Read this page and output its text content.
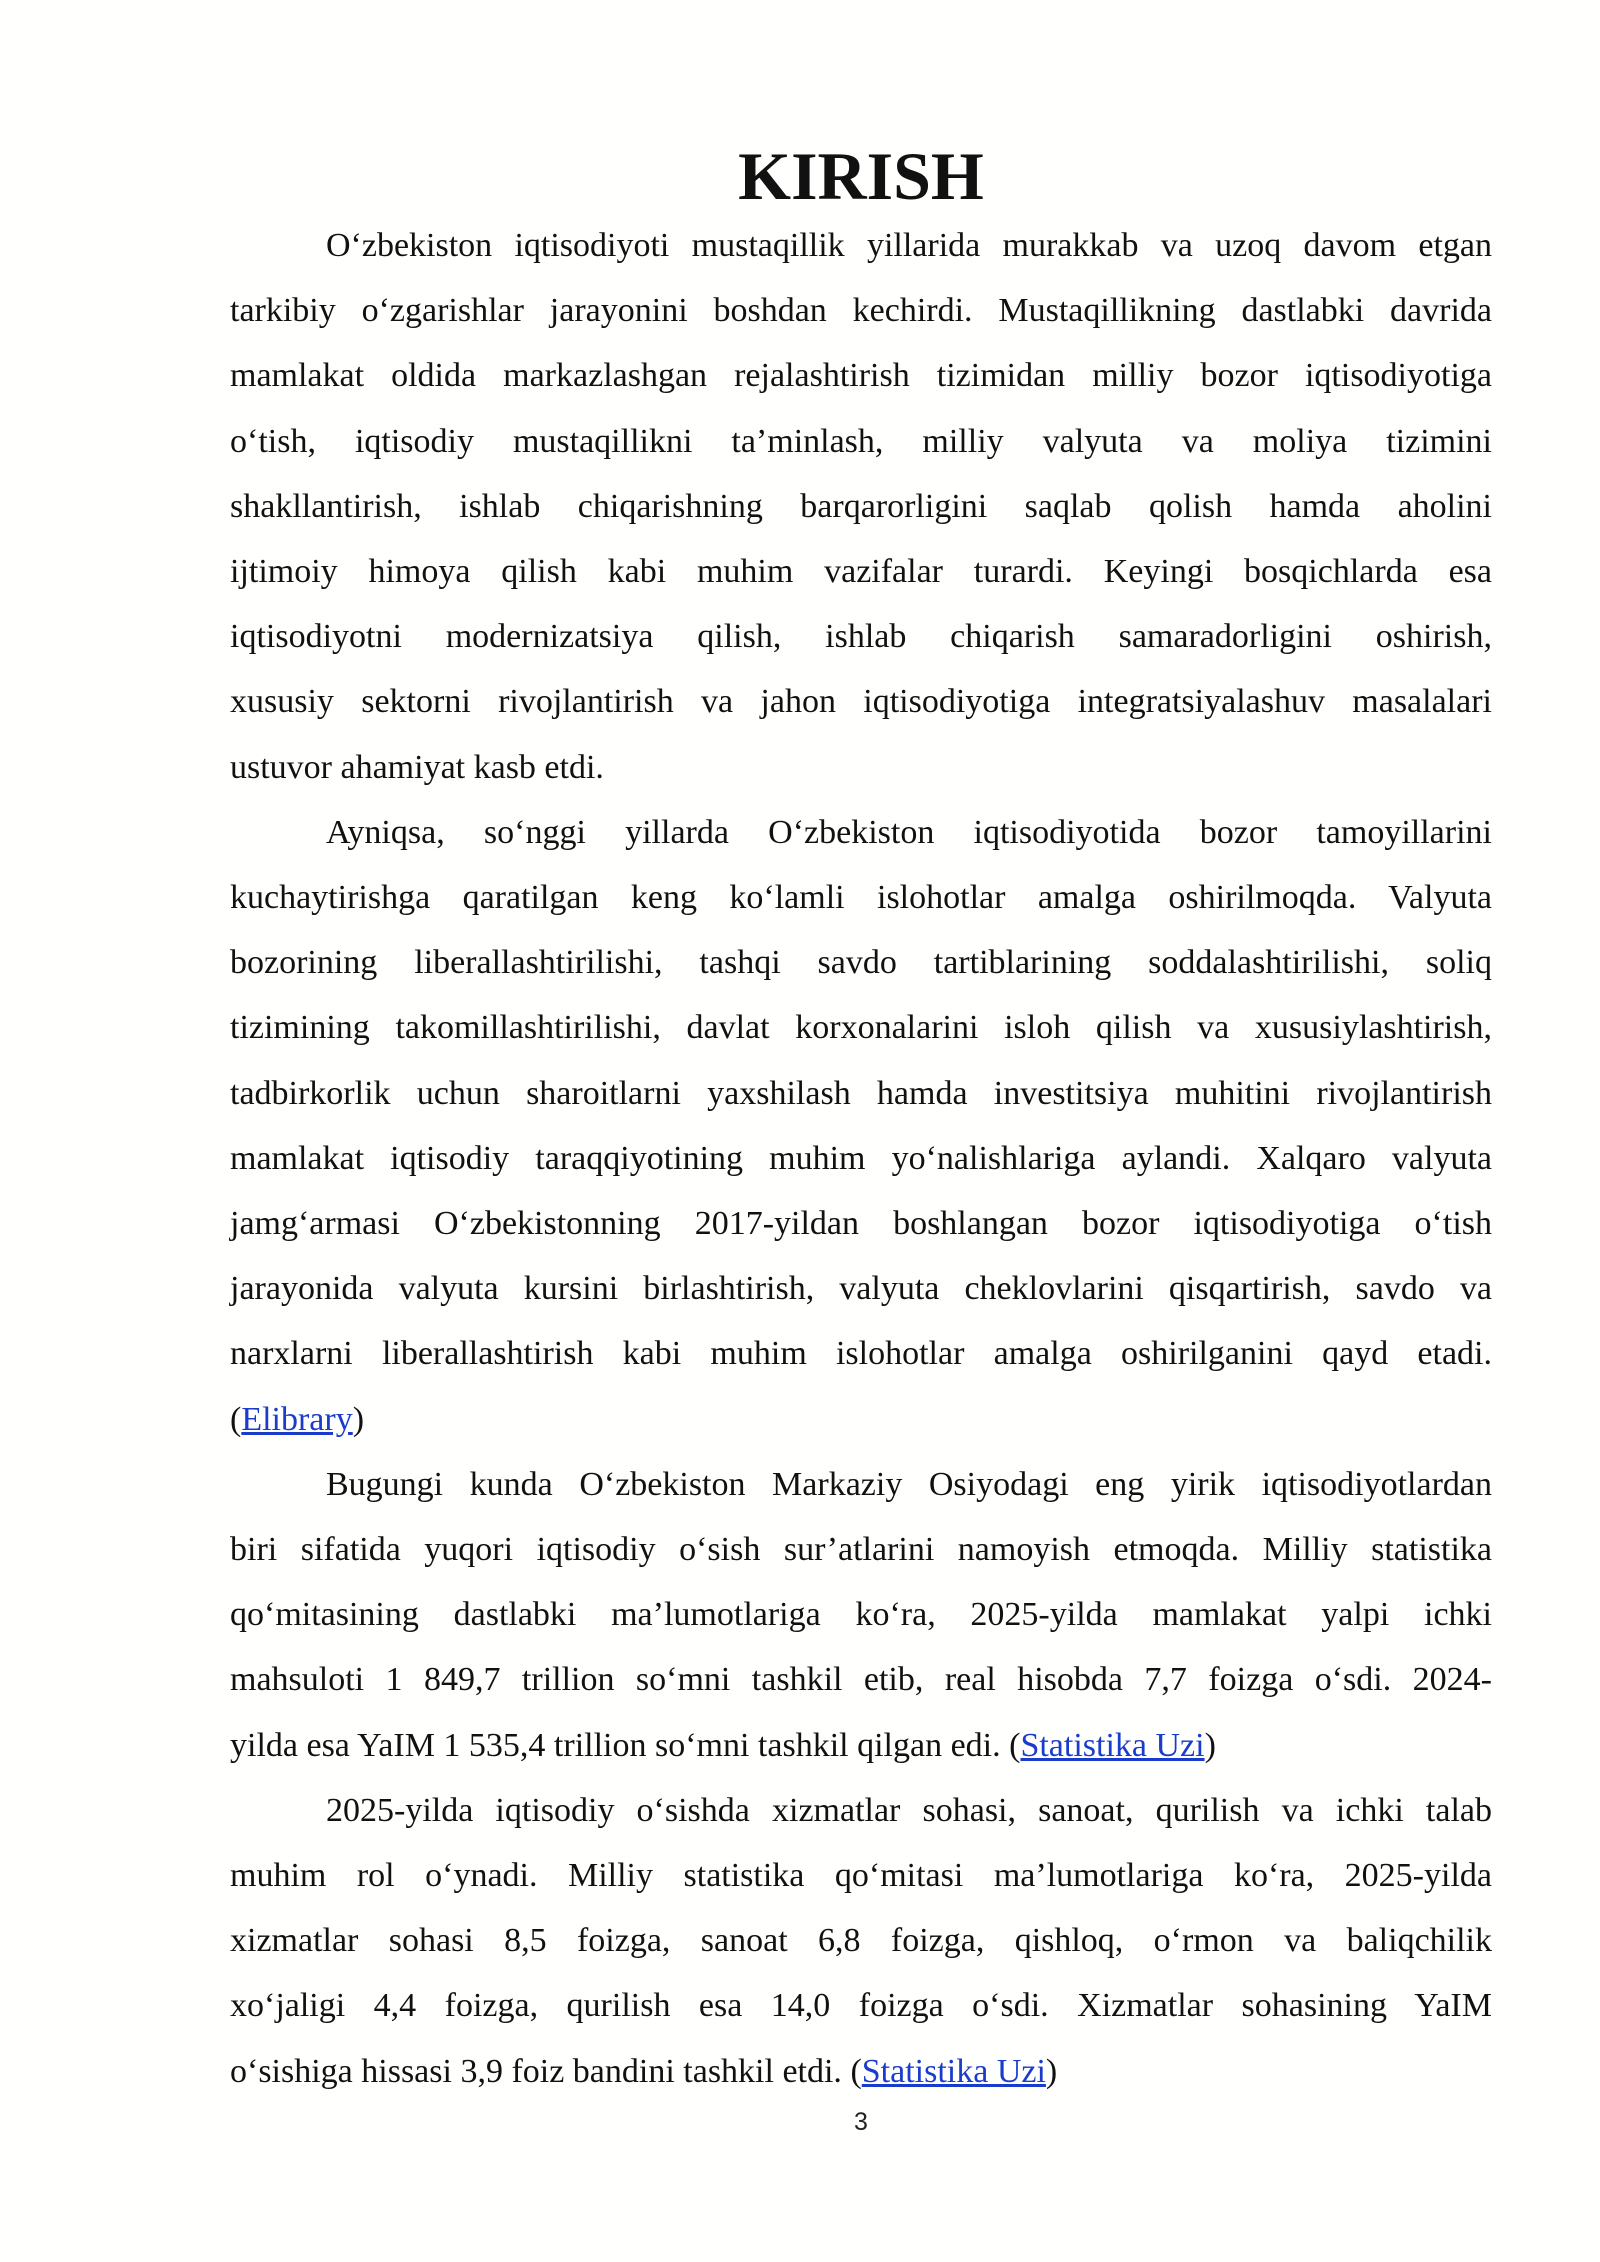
KIRISH

O‘zbekiston iqtisodiyoti mustaqillik yillarida murakkab va uzoq davom etgan
tarkibiy o‘zgarishlar jarayonini boshdan kechirdi. Mustaqillikning dastlabki davrida
mamlakat oldida markazlashgan rejalashtirish tizimidan milliy bozor iqtisodiyotiga
o‘tish, iqtisodiy mustaqillikni ta’minlash, milliy valyuta va moliya tizimini
shakllantirish, ishlab chiqarishning barqarorligini saqlab qolish hamda aholini
ijtimoiy himoya qilish kabi muhim vazifalar turardi. Keyingi bosqichlarda esa
iqtisodiyotni modernizatsiya qilish, ishlab chiqarish samaradorligini oshirish,
xususiy sektorni rivojlantirish va jahon iqtisodiyotiga integratsiyalashuv masalalari
ustuvor ahamiyat kasb etdi.

Ayniqsa, so‘nggi yillarda O‘zbekiston iqtisodiyotida bozor tamoyillarini
kuchaytirishga qaratilgan keng ko‘lamli islohotlar amalga oshirilmoqda. Valyuta
bozorining liberallashtirilishi, tashqi savdo tartiblarining soddalashtirilishi, soliq
tizimining takomillashtirilishi, davlat korxonalarini isloh qilish va xususiylashtirish,
tadbirkorlik uchun sharoitlarni yaxshilash hamda investitsiya muhitini rivojlantirish
mamlakat iqtisodiy taraqqiyotining muhim yo‘nalishlariga aylandi. Xalqaro valyuta
jamg‘armasi O‘zbekistonning 2017-yildan boshlangan bozor iqtisodiyotiga o‘tish
jarayonida valyuta kursini birlashtirish, valyuta cheklovlarini qisqartirish, savdo va
narxlarni liberallashtirish kabi muhim islohotlar amalga oshirilganini qayd etadi.
(Elibrary)

Bugungi kunda O‘zbekiston Markaziy Osiyodagi eng yirik iqtisodiyotlardan
biri sifatida yuqori iqtisodiy o‘sish sur’atlarini namoyish etmoqda. Milliy statistika
qo‘mitasining dastlabki ma’lumotlariga ko‘ra, 2025-yilda mamlakat yalpi ichki
mahsuloti 1 849,7 trillion so‘mni tashkil etib, real hisobda 7,7 foizga o‘sdi. 2024-
yilda esa YaIM 1 535,4 trillion so‘mni tashkil qilgan edi. (Statistika Uzi)

2025-yilda iqtisodiy o‘sishda xizmatlar sohasi, sanoat, qurilish va ichki talab
muhim rol o‘ynadi. Milliy statistika qo‘mitasi ma’lumotlariga ko‘ra, 2025-yilda
xizmatlar sohasi 8,5 foizga, sanoat 6,8 foizga, qishloq, o‘rmon va baliqchilik
xo‘jaligi 4,4 foizga, qurilish esa 14,0 foizga o‘sdi. Xizmatlar sohasining YaIM
o‘sishiga hissasi 3,9 foiz bandini tashkil etdi. (Statistika Uzi)

3
